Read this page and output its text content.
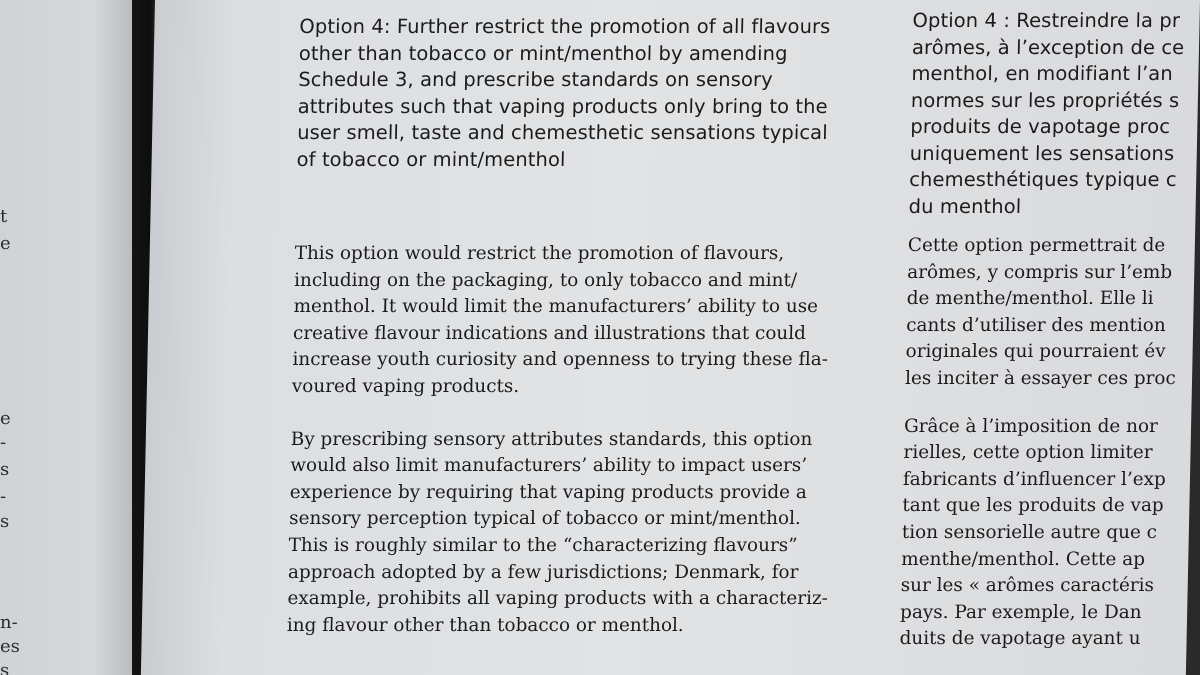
t
e
e
-
s
-
s
n-
es
s
Option 4: Further restrict the promotion of all flavours
other than tobacco or mint/menthol by amending
Schedule 3, and prescribe standards on sensory
attributes such that vaping products only bring to the
user smell, taste and chemesthetic sensations typical
of tobacco or mint/menthol
This option would restrict the promotion of flavours,
including on the packaging, to only tobacco and mint/
menthol. It would limit the manufacturers’ ability to use
creative flavour indications and illustrations that could
increase youth curiosity and openness to trying these fla-
voured vaping products.
By prescribing sensory attributes standards, this option
would also limit manufacturers’ ability to impact users’
experience by requiring that vaping products provide a
sensory perception typical of tobacco or mint/menthol.
This is roughly similar to the “characterizing flavours”
approach adopted by a few jurisdictions; Denmark, for
example, prohibits all vaping products with a characteriz-
ing flavour other than tobacco or menthol.
Option 4 : Restreindre la pr
arômes, à l’exception de ce
menthol, en modifiant l’an
normes sur les propriétés s
produits de vapotage proc
uniquement les sensations
chemesthétiques typique c
du menthol
Cette option permettrait de
arômes, y compris sur l’emb
de menthe/menthol. Elle li
cants d’utiliser des mention
originales qui pourraient év
les inciter à essayer ces proc
Grâce à l’imposition de nor
rielles, cette option limiter
fabricants d’influencer l’exp
tant que les produits de vap
tion sensorielle autre que c
menthe/menthol. Cette ap
sur les « arômes caractéris
pays. Par exemple, le Dan
duits de vapotage ayant u
